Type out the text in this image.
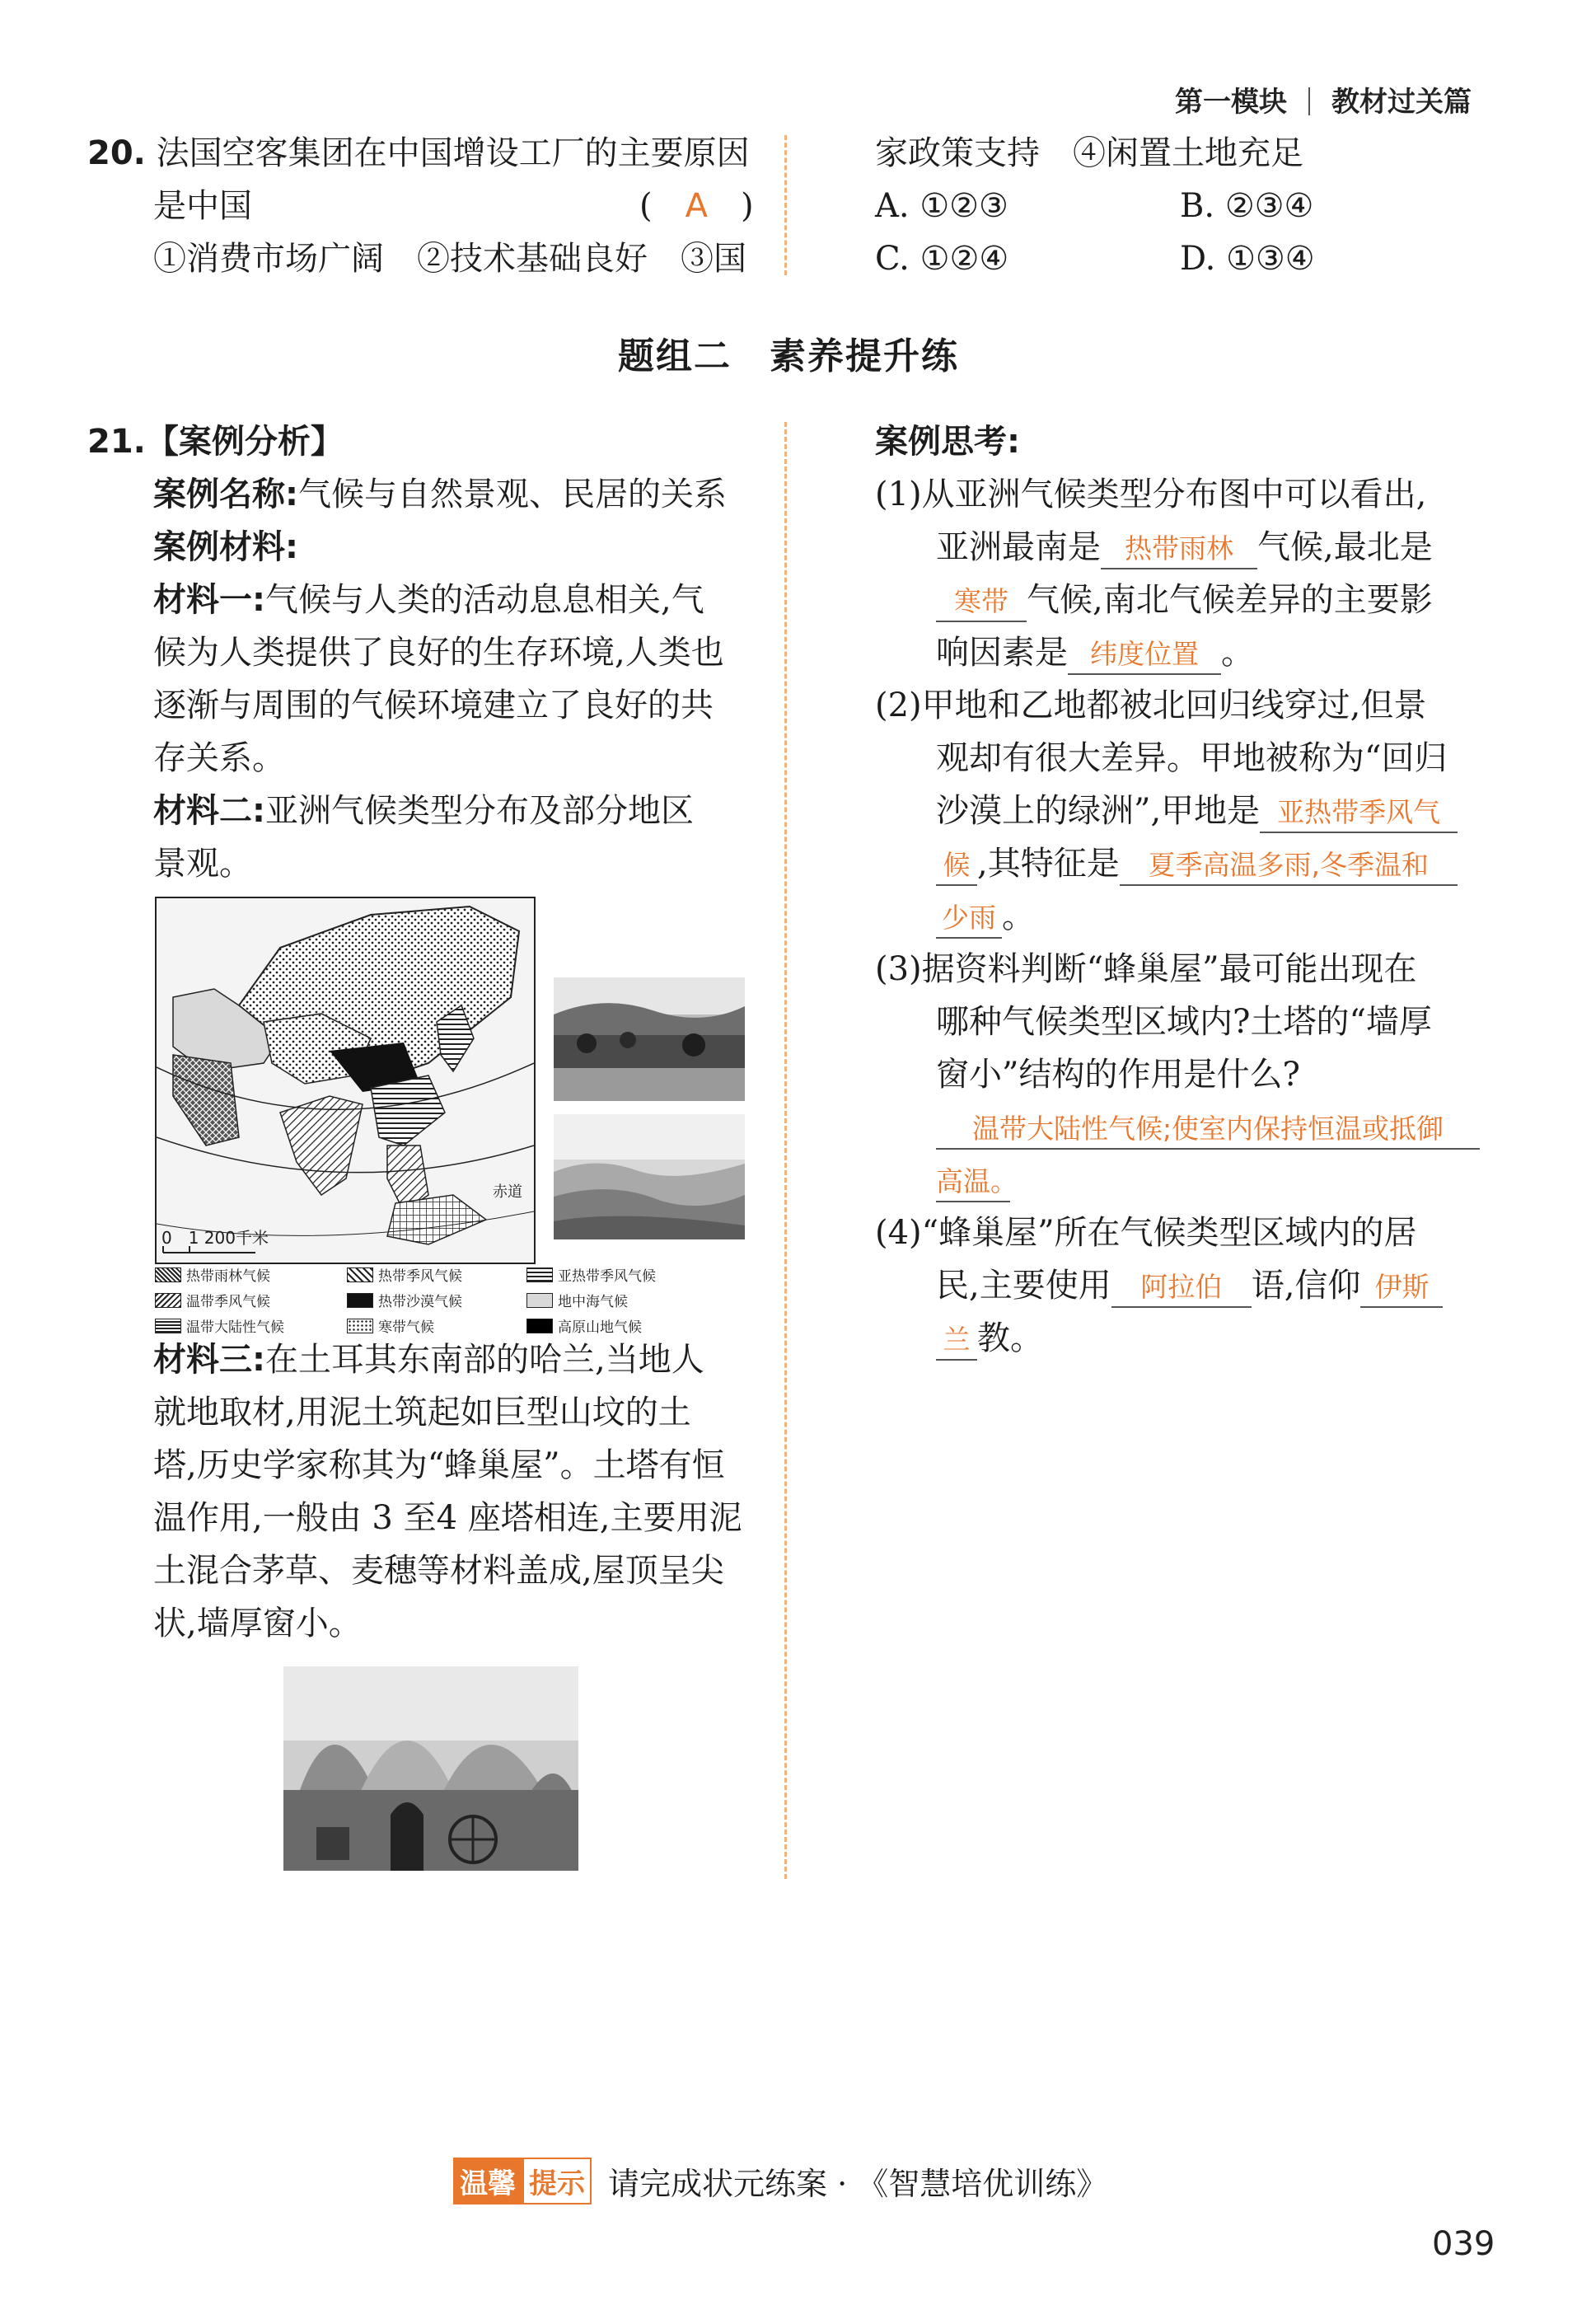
第一模块 教材过关篇
20. 法国空客集团在中国增设工厂的主要原因
是中国	(　 A　 )
①消费市场广阔　②技术基础良好　③国
家政策支持　④闲置土地充足
A. ①②③	B. ②③④
C. ①②④	D. ①③④
题组二　素养提升练
21.【案例分析】
案例名称:气候与自然景观、民居的关系
案例材料:
材料一:气候与人类的活动息息相关,气
候为人类提供了良好的生存环境,人类也
逐渐与周围的气候环境建立了良好的共
存关系。
材料二:亚洲气候类型分布及部分地区
景观。
0　1 200千米
赤道
热带雨林气候	热带季风气候	亚热带季风气候
温带季风气候	热带沙漠气候	地中海气候
温带大陆性气候	寒带气候	高原山地气候
材料三:在土耳其东南部的哈兰,当地人
就地取材,用泥土筑起如巨型山坟的土
塔,历史学家称其为“蜂巢屋”。土塔有恒
温作用,一般由 3 至4 座塔相连,主要用泥
土混合茅草、麦穗等材料盖成,屋顶呈尖
状,墙厚窗小。
案例思考:
(1)从亚洲气候类型分布图中可以看出,
亚洲最南是 热带雨林 气候,最北是
寒带 气候,南北气候差异的主要影
响因素是 纬度位置 。
(2)甲地和乙地都被北回归线穿过,但景
观却有很大差异。甲地被称为“回归
沙漠上的绿洲”,甲地是 亚热带季风气
候 ,其特征是 夏季高温多雨,冬季温和
少雨 。
(3)据资料判断“蜂巢屋”最可能出现在
哪种气候类型区域内?土塔的“墙厚
窗小”结构的作用是什么?
温带大陆性气候;使室内保持恒温或抵御
高温。
(4)“蜂巢屋”所在气候类型区域内的居
民,主要使用 阿拉伯 语,信仰 伊斯
兰 教。
温馨 提示 请完成状元练案 · 《智慧培优训练》
039
